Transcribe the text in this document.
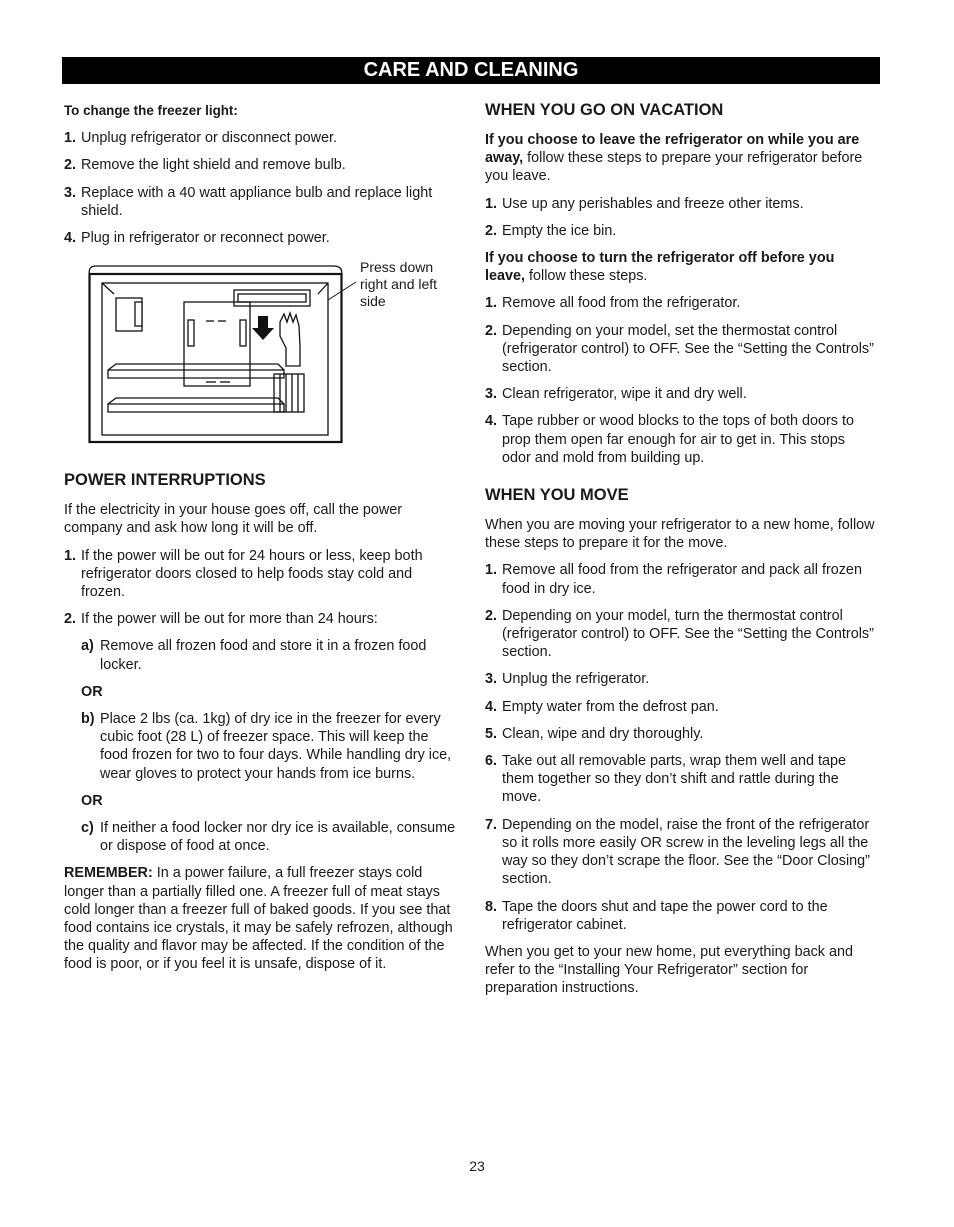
CARE AND CLEANING
To change the freezer light:
1. Unplug refrigerator or disconnect power.
2. Remove the light shield and remove bulb.
3. Replace with a 40 watt appliance bulb and replace light shield.
4. Plug in refrigerator or reconnect power.
Press down right and left side
POWER INTERRUPTIONS

If the electricity in your house goes off, call the power company and ask how long it will be off.

1. If the power will be out for 24 hours or less, keep both refrigerator doors closed to help foods stay cold and frozen.
2. If the power will be out for more than 24 hours:
a) Remove all frozen food and store it in a frozen food locker.
OR
b) Place 2 lbs (ca. 1kg) of dry ice in the freezer for every cubic foot (28 L) of freezer space. This will keep the food frozen for two to four days. While handling dry ice, wear gloves to protect your hands from ice burns.
OR
c) If neither a food locker nor dry ice is available, consume or dispose of food at once.

REMEMBER: In a power failure, a full freezer stays cold longer than a partially filled one. A freezer full of meat stays cold longer than a freezer full of baked goods. If you see that food contains ice crystals, it may be safely refrozen, although the quality and flavor may be affected. If the condition of the food is poor, or if you feel it is unsafe, dispose of it.

WHEN YOU GO ON VACATION

If you choose to leave the refrigerator on while you are away, follow these steps to prepare your refrigerator before you leave.

1. Use up any perishables and freeze other items.
2. Empty the ice bin.

If you choose to turn the refrigerator off before you leave, follow these steps.

1. Remove all food from the refrigerator.
2. Depending on your model, set the thermostat control (refrigerator control) to OFF. See the “Setting the Controls” section.
3. Clean refrigerator, wipe it and dry well.
4. Tape rubber or wood blocks to the tops of both doors to prop them open far enough for air to get in. This stops odor and mold from building up.
WHEN YOU MOVE

When you are moving your refrigerator to a new home, follow these steps to prepare it for the move.

1. Remove all food from the refrigerator and pack all frozen food in dry ice.
2. Depending on your model, turn the thermostat control (refrigerator control) to OFF. See the “Setting the Controls” section.
3. Unplug the refrigerator.
4. Empty water from the defrost pan.
5. Clean, wipe and dry thoroughly.
6. Take out all removable parts, wrap them well and tape them together so they don’t shift and rattle during the move.
7. Depending on the model, raise the front of the refrigerator so it rolls more easily OR screw in the leveling legs all the way so they don’t scrape the floor. See the “Door Closing” section.
8. Tape the doors shut and tape the power cord to the refrigerator cabinet.

When you get to your new home, put everything back and refer to the “Installing Your Refrigerator” section for preparation instructions.

23
